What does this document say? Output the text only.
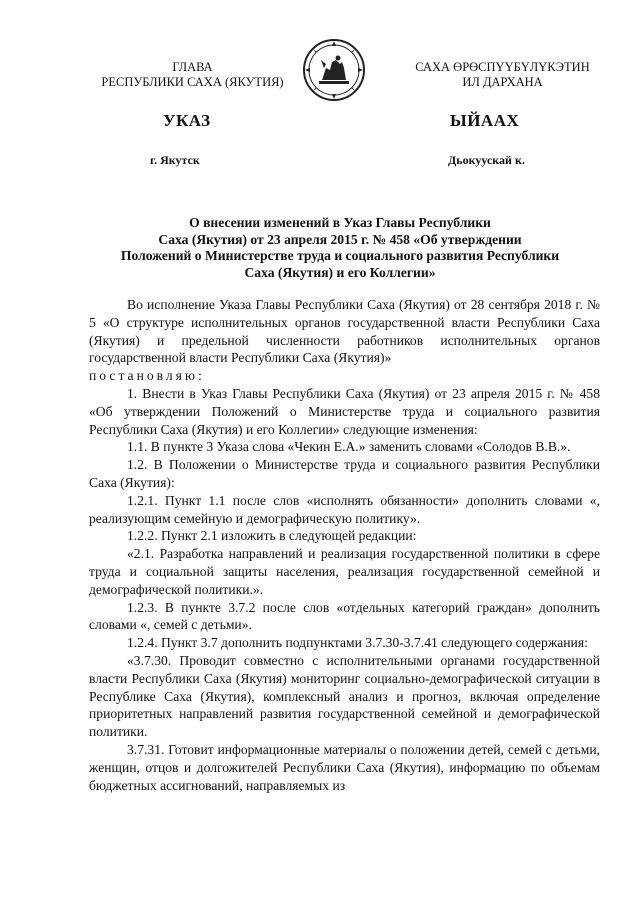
ГЛАВА
РЕСПУБЛИКИ САХА (ЯКУТИЯ)
САХА ӨРӨСПҮҮБҮЛҮКЭТИН
ИЛ ДАРХАНА
УКАЗ	ЫЙААХ
г. Якутск	Дьокуускай к.
О внесении изменений в Указ Главы Республики
Саха (Якутия) от 23 апреля 2015 г. № 458 «Об утверждении
Положений о Министерстве труда и социального развития Республики
Саха (Якутия) и его Коллегии»

Во исполнение Указа Главы Республики Саха (Якутия) от 28 сентября 2018 г. № 5 «О структуре исполнительных органов государственной власти Республики Саха (Якутия) и предельной численности работников исполнительных органов государственной власти Республики Саха (Якутия)»

постановляю:

1. Внести в Указ Главы Республики Саха (Якутия) от 23 апреля 2015 г. № 458 «Об утверждении Положений о Министерстве труда и социального развития Республики Саха (Якутия) и его Коллегии» следующие изменения:

1.1. В пункте 3 Указа слова «Чекин Е.А.» заменить словами «Солодов В.В.».

1.2. В Положении о Министерстве труда и социального развития Республики Саха (Якутия):

1.2.1. Пункт 1.1 после слов «исполнять обязанности» дополнить словами «, реализующим семейную и демографическую политику».

1.2.2. Пункт 2.1 изложить в следующей редакции:

«2.1. Разработка направлений и реализация государственной политики в сфере труда и социальной защиты населения, реализация государственной семейной и демографической политики.».

1.2.3. В пункте 3.7.2 после слов «отдельных категорий граждан» дополнить словами «, семей с детьми».

1.2.4. Пункт 3.7 дополнить подпунктами 3.7.30-3.7.41 следующего содержания:

«3.7.30. Проводит совместно с исполнительными органами государственной власти Республики Саха (Якутия) мониторинг социально-демографической ситуации в Республике Саха (Якутия), комплексный анализ и прогноз, включая определение приоритетных направлений развития государственной семейной и демографической политики.

3.7.31. Готовит информационные материалы о положении детей, семей с детьми, женщин, отцов и долгожителей Республики Саха (Якутия), информацию по объемам бюджетных ассигнований, направляемых из
